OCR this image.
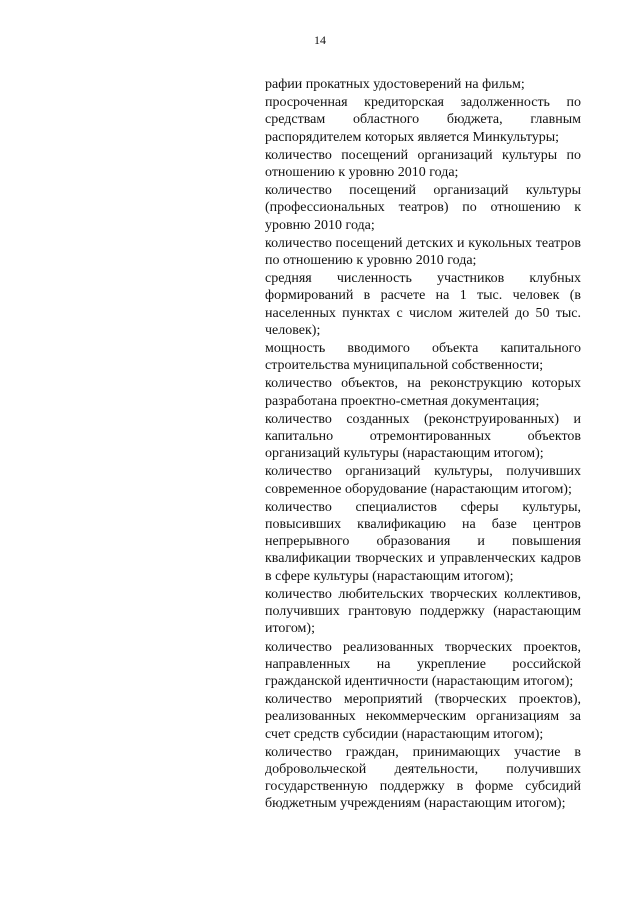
14

рафии прокатных удостоверений на фильм;

просроченная кредиторская задолженность по средствам областного бюджета, главным распорядителем которых является Минкультуры;

количество посещений организаций культуры по отношению к уровню 2010 года;

количество посещений организаций культуры (профессиональных театров) по отношению к уровню 2010 года;

количество посещений детских и кукольных театров по отношению к уровню 2010 года;

средняя численность участников клубных формирований в расчете на 1 тыс. человек (в населенных пунктах с числом жителей до 50 тыс. человек);

мощность вводимого объекта капитального строительства муниципальной собственности;

количество объектов, на реконструкцию которых разработана проектно-сметная документация;

количество созданных (реконструированных) и капитально отремонтированных объектов организаций культуры (нарастающим итогом);

количество организаций культуры, получивших современное оборудование (нарастающим итогом);

количество специалистов сферы культуры, повысивших квалификацию на базе центров непрерывного образования и повышения квалификации творческих и управленческих кадров в сфере культуры (нарастающим итогом);

количество любительских творческих коллективов, получивших грантовую поддержку (нарастающим итогом);

количество реализованных творческих проектов, направленных на укрепление российской гражданской идентичности (нарастающим итогом);

количество мероприятий (творческих проектов), реализованных некоммерческим организациям за счет средств субсидии (нарастающим итогом);

количество граждан, принимающих участие в добровольческой деятельности, получивших государственную поддержку в форме субсидий бюджетным учреждениям (нарастающим итогом);
